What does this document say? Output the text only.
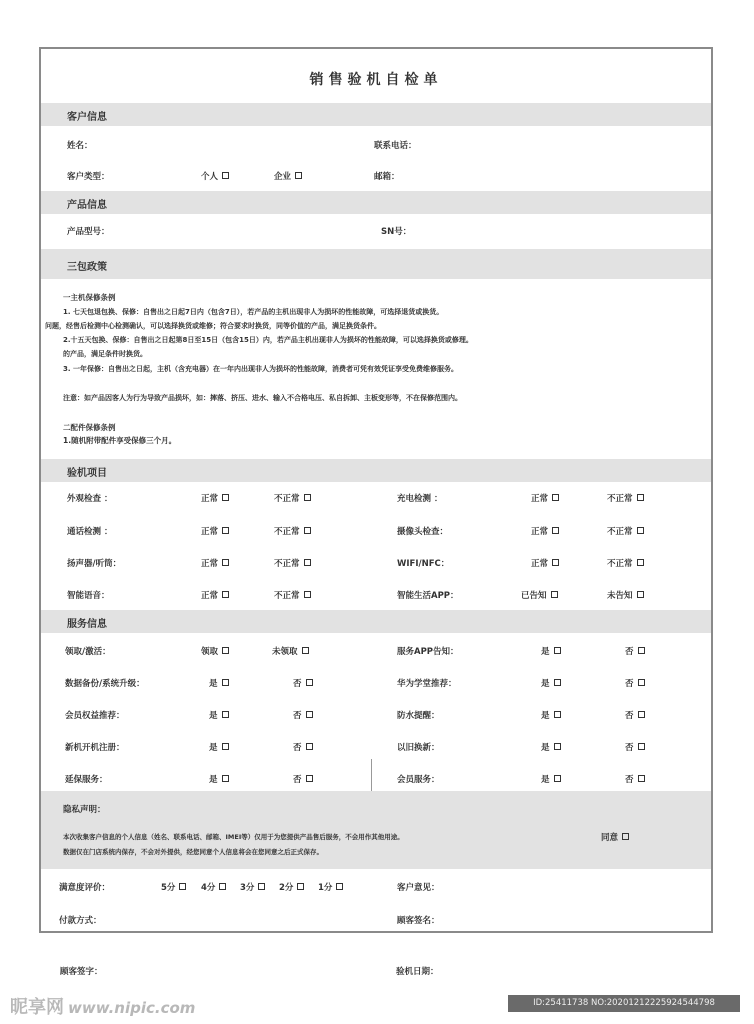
销售验机自检单
客户信息
姓名：	联系电话：
客户类型：	个人	企业	邮箱：
产品信息
产品型号：	SN号：
三包政策
一主机保修条例
1. 七天包退包换、保修：自售出之日起7日内（包含7日），若产品的主机出现非人为损坏的性能故障，可选择退货或换货。
问题，经售后检测中心检测确认，可以选择换货或维修；符合要求时换货，同等价值的产品，满足换货条件。
2.十五天包换、保修：自售出之日起第8日至15日（包含15日）内，若产品主机出现非人为损坏的性能故障，可以选择换货或修理。
的产品，满足条件时换货。
3. 一年保修：自售出之日起，主机（含充电器）在一年内出现非人为损坏的性能故障，消费者可凭有效凭证享受免费维修服务。
注意：如产品因客人为行为导致产品损坏，如：摔落、挤压、进水、输入不合格电压、私自拆卸、主板变形等，不在保修范围内。
二配件保修条例
1.随机附带配件享受保修三个月。
验机项目
外观检查 ：	正常	不正常	充电检测 ：	正常	不正常
通话检测 ：	正常	不正常	摄像头检查：	正常	不正常
扬声器/听筒：	正常	不正常	WIFI/NFC：	正常	不正常
智能语音：	正常	不正常	智能生活APP：	已告知	未告知
服务信息
领取/激活：	领取	未领取	服务APP告知：	是	否
数据备份/系统升级：	是	否	华为学堂推荐：	是	否
会员权益推荐：	是	否	防水提醒：	是	否
新机开机注册：	是	否	以旧换新：	是	否
延保服务：	是	否	会员服务：	是	否
隐私声明：
本次收集客户信息的个人信息（姓名、联系电话、邮箱、IMEI等）仅用于为您提供产品售后服务，不会用作其他用途。	同意
数据仅在门店系统内保存，不会对外提供，经您同意个人信息将会在您同意之后正式保存。
满意度评价：	5分	4分	3分	2分	1分	客户意见：
付款方式：	顾客签名：
顾客签字：	验机日期：
昵享网 www.nipic.com	ID:25411738 NO:20201212225924544798
